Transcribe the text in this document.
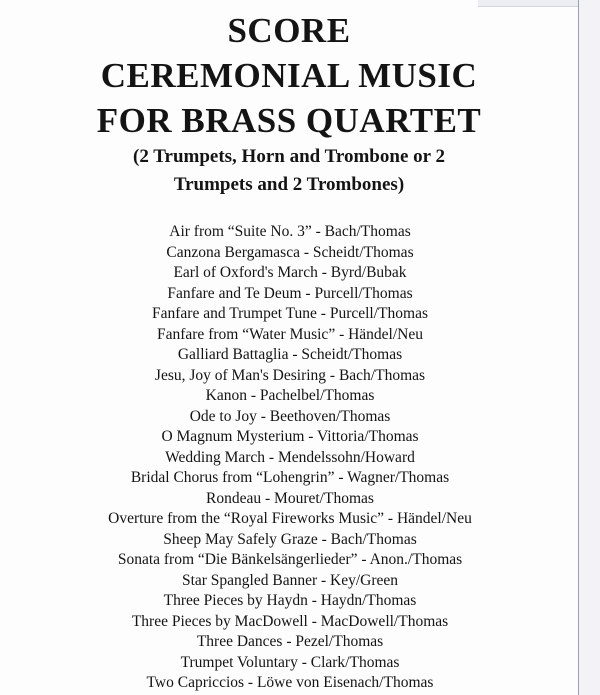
SCORE
CEREMONIAL MUSIC
FOR BRASS QUARTET
(2 Trumpets, Horn and Trombone or 2
Trumpets and 2 Trombones)
Air from “Suite No. 3” - Bach/Thomas
Canzona Bergamasca - Scheidt/Thomas
Earl of Oxford's March - Byrd/Bubak
Fanfare and Te Deum - Purcell/Thomas
Fanfare and Trumpet Tune - Purcell/Thomas
Fanfare from “Water Music” - Händel/Neu
Galliard Battaglia - Scheidt/Thomas
Jesu, Joy of Man's Desiring - Bach/Thomas
Kanon - Pachelbel/Thomas
Ode to Joy - Beethoven/Thomas
O Magnum Mysterium - Vittoria/Thomas
Wedding March - Mendelssohn/Howard
Bridal Chorus from “Lohengrin” - Wagner/Thomas
Rondeau - Mouret/Thomas
Overture from the “Royal Fireworks Music” - Händel/Neu
Sheep May Safely Graze - Bach/Thomas
Sonata from “Die Bänkelsängerlieder” - Anon./Thomas
Star Spangled Banner - Key/Green
Three Pieces by Haydn - Haydn/Thomas
Three Pieces by MacDowell - MacDowell/Thomas
Three Dances - Pezel/Thomas
Trumpet Voluntary - Clark/Thomas
Two Capriccios - Löwe von Eisenach/Thomas
